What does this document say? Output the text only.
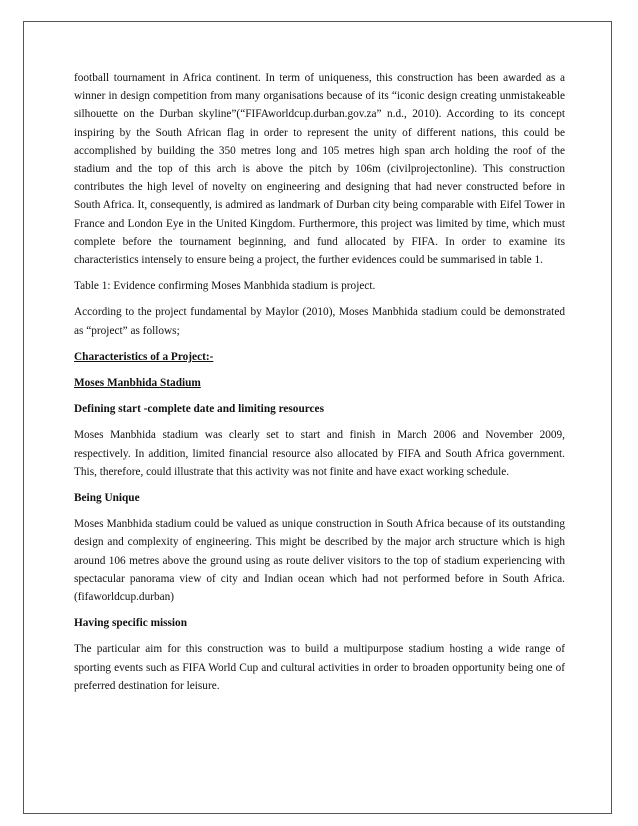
football tournament in Africa continent. In term of uniqueness, this construction has been awarded as a winner in design competition from many organisations because of its “iconic design creating unmistakeable silhouette on the Durban skyline”(“FIFAworldcup.durban.gov.za” n.d., 2010). According to its concept inspiring by the South African flag in order to represent the unity of different nations, this could be accomplished by building the 350 metres long and 105 metres high span arch holding the roof of the stadium and the top of this arch is above the pitch by 106m (civilprojectonline). This construction contributes the high level of novelty on engineering and designing that had never constructed before in South Africa. It, consequently, is admired as landmark of Durban city being comparable with Eifel Tower in France and London Eye in the United Kingdom. Furthermore, this project was limited by time, which must complete before the tournament beginning, and fund allocated by FIFA. In order to examine its characteristics intensely to ensure being a project, the further evidences could be summarised in table 1.

Table 1: Evidence confirming Moses Manbhida stadium is project.

According to the project fundamental by Maylor (2010), Moses Manbhida stadium could be demonstrated as “project” as follows;

Characteristics of a Project:-

Moses Manbhida Stadium

Defining start -complete date and limiting resources

Moses Manbhida stadium was clearly set to start and finish in March 2006 and November 2009, respectively. In addition, limited financial resource also allocated by FIFA and South Africa government. This, therefore, could illustrate that this activity was not finite and have exact working schedule.

Being Unique

Moses Manbhida stadium could be valued as unique construction in South Africa because of its outstanding design and complexity of engineering. This might be described by the major arch structure which is high around 106 metres above the ground using as route deliver visitors to the top of stadium experiencing with spectacular panorama view of city and Indian ocean which had not performed before in South Africa. (fifaworldcup.durban)

Having specific mission

The particular aim for this construction was to build a multipurpose stadium hosting a wide range of sporting events such as FIFA World Cup and cultural activities in order to broaden opportunity being one of preferred destination for leisure.
